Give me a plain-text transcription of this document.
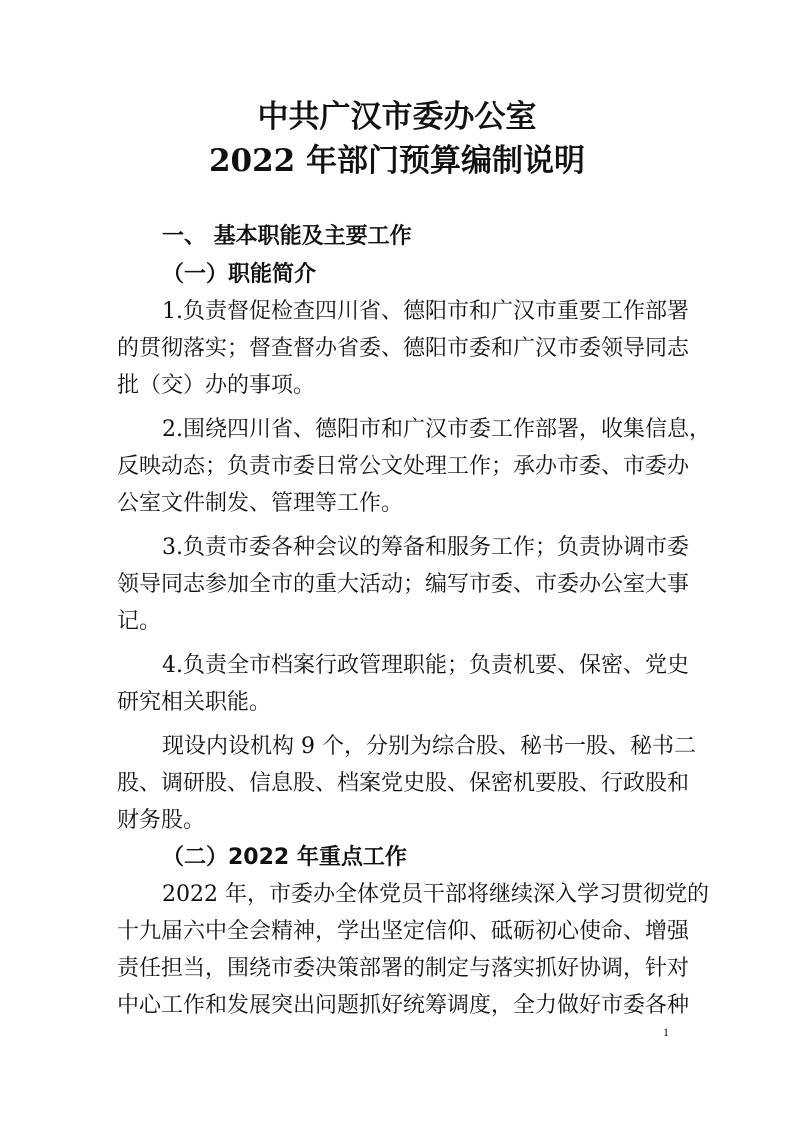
中共广汉市委办公室
2022 年部门预算编制说明
一、 基本职能及主要工作
（一）职能简介
1.负责督促检查四川省、德阳市和广汉市重要工作部署
的贯彻落实；督查督办省委、德阳市委和广汉市委领导同志
批（交）办的事项。
2.围绕四川省、德阳市和广汉市委工作部署，收集信息，
反映动态；负责市委日常公文处理工作；承办市委、市委办
公室文件制发、管理等工作。
3.负责市委各种会议的筹备和服务工作；负责协调市委
领导同志参加全市的重大活动；编写市委、市委办公室大事
记。
4.负责全市档案行政管理职能；负责机要、保密、党史
研究相关职能。
现设内设机构 9 个，分别为综合股、秘书一股、秘书二
股、调研股、信息股、档案党史股、保密机要股、行政股和
财务股。
（二）2022 年重点工作
2022 年，市委办全体党员干部将继续深入学习贯彻党的
十九届六中全会精神，学出坚定信仰、砥砺初心使命、增强
责任担当，围绕市委决策部署的制定与落实抓好协调，针对
中心工作和发展突出问题抓好统筹调度，全力做好市委各种
1
